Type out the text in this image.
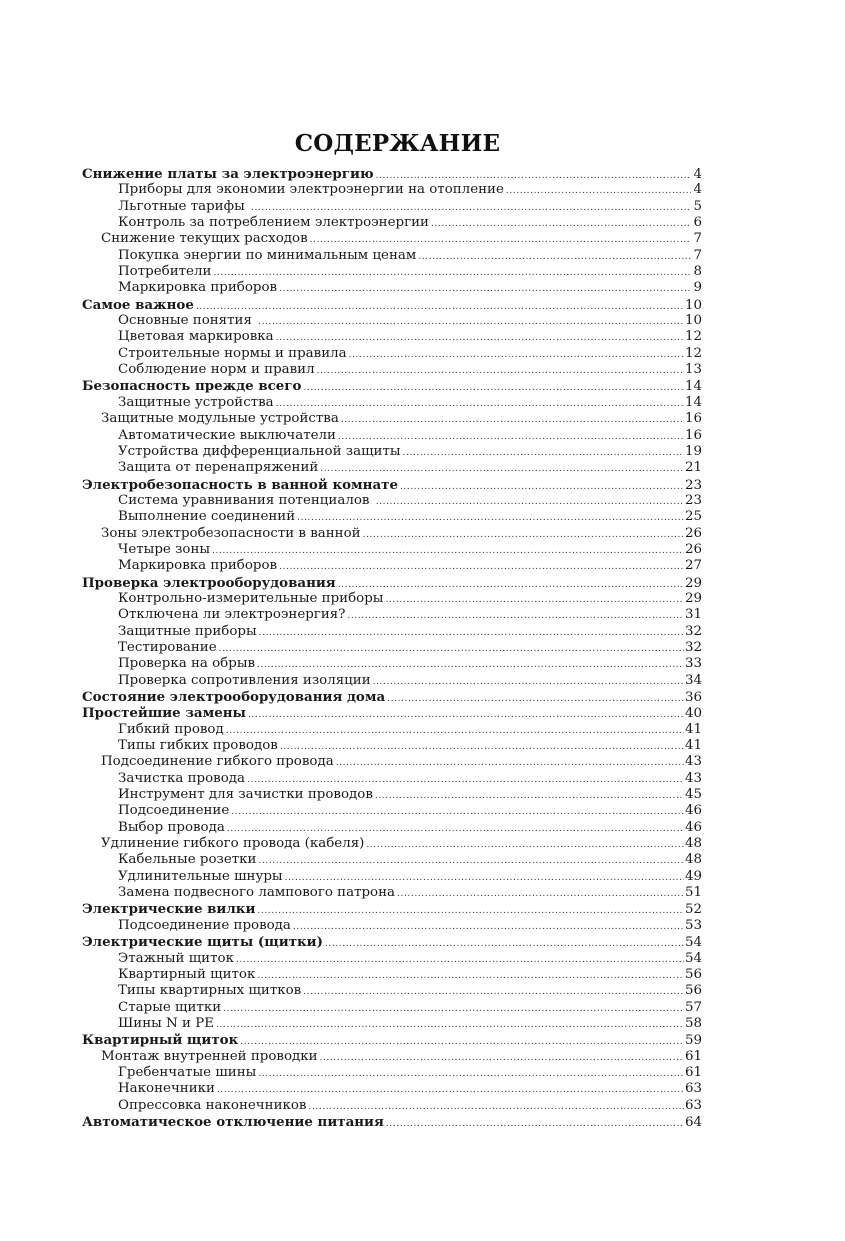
СОДЕРЖАНИЕ
Снижение платы за электроэнергию .....	4
Приборы для экономии электроэнергии на отопление .....	4
Льготные тарифы .....	5
Контроль за потреблением электроэнергии .....	6
Снижение текущих расходов .....	7
Покупка энергии по минимальным ценам .....	7
Потребители .....	8
Маркировка приборов .....	9
Самое важное .....	10
Основные понятия .....	10
Цветовая маркировка .....	12
Строительные нормы и правила .....	12
Соблюдение норм и правил .....	13
Безопасность прежде всего .....	14
Защитные устройства .....	14
Защитные модульные устройства .....	16
Автоматические выключатели .....	16
Устройства дифференциальной защиты .....	19
Защита от перенапряжений .....	21
Электробезопасность в ванной комнате .....	23
Система уравнивания потенциалов .....	23
Выполнение соединений .....	25
Зоны электробезопасности в ванной .....	26
Четыре зоны .....	26
Маркировка приборов .....	27
Проверка электрооборудования .....	29
Контрольно-измерительные приборы .....	29
Отключена ли электроэнергия? .....	31
Защитные приборы .....	32
Тестирование .....	32
Проверка на обрыв .....	33
Проверка сопротивления изоляции .....	34
Состояние электрооборудования дома .....	36
Простейшие замены .....	40
Гибкий провод .....	41
Типы гибких проводов .....	41
Подсоединение гибкого провода .....	43
Зачистка провода .....	43
Инструмент для зачистки проводов .....	45
Подсоединение .....	46
Выбор провода .....	46
Удлинение гибкого провода (кабеля) .....	48
Кабельные розетки .....	48
Удлинительные шнуры .....	49
Замена подвесного лампового патрона .....	51
Электрические вилки .....	52
Подсоединение провода .....	53
Электрические щиты (щитки) .....	54
Этажный щиток .....	54
Квартирный щиток .....	56
Типы квартирных щитков .....	56
Старые щитки .....	57
Шины N и PE .....	58
Квартирный щиток .....	59
Монтаж внутренней проводки .....	61
Гребенчатые шины .....	61
Наконечники .....	63
Опрессовка наконечников .....	63
Автоматическое отключение питания .....	64
